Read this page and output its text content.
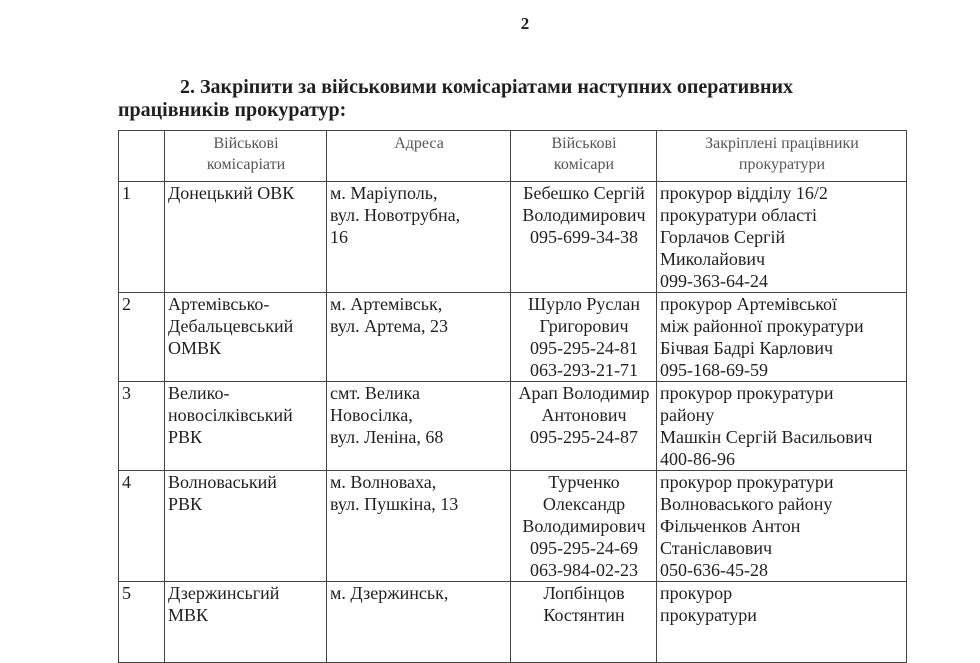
2
2. Закріпити за військовими комісаріатами наступних оперативних
працівників прокуратур:

	Військові
комісаріати	Адреса	Військові
комісари	Закріплені працівники
прокуратури

1	Донецький ОВК	м. Маріуполь,
вул. Новотрубна,
16	Бебешко Сергій
Володимирович
095-699-34-38	прокурор відділу 16/2
прокуратури області
Горлачов Сергій
Миколайович
099-363-64-24

2	Артемівсько-
Дебальцевський
ОМВК	м. Артемівськ,
вул. Артема, 23	Шурло Руслан
Григорович
095-295-24-81
063-293-21-71	прокурор Артемівської
між районної прокуратури
Бічвая Бадрі Карлович
095-168-69-59

3	Велико-
новосілківський
РВК	смт. Велика
Новосілка,
вул. Леніна, 68	Арап Володимир
Антонович
095-295-24-87	прокурор прокуратури
району
Машкін Сергій Васильович
400-86-96

4	Волноваський
РВК	м. Волноваха,
вул. Пушкіна, 13	Турченко
Олександр
Володимирович
095-295-24-69
063-984-02-23	прокурор прокуратури
Волноваського району
Фільченков Антон
Станіславович
050-636-45-28

5	Дзержинсьгий
МВК	м. Дзержинськ,	Лопбінцов
Костянтин	прокурор
прокуратури
